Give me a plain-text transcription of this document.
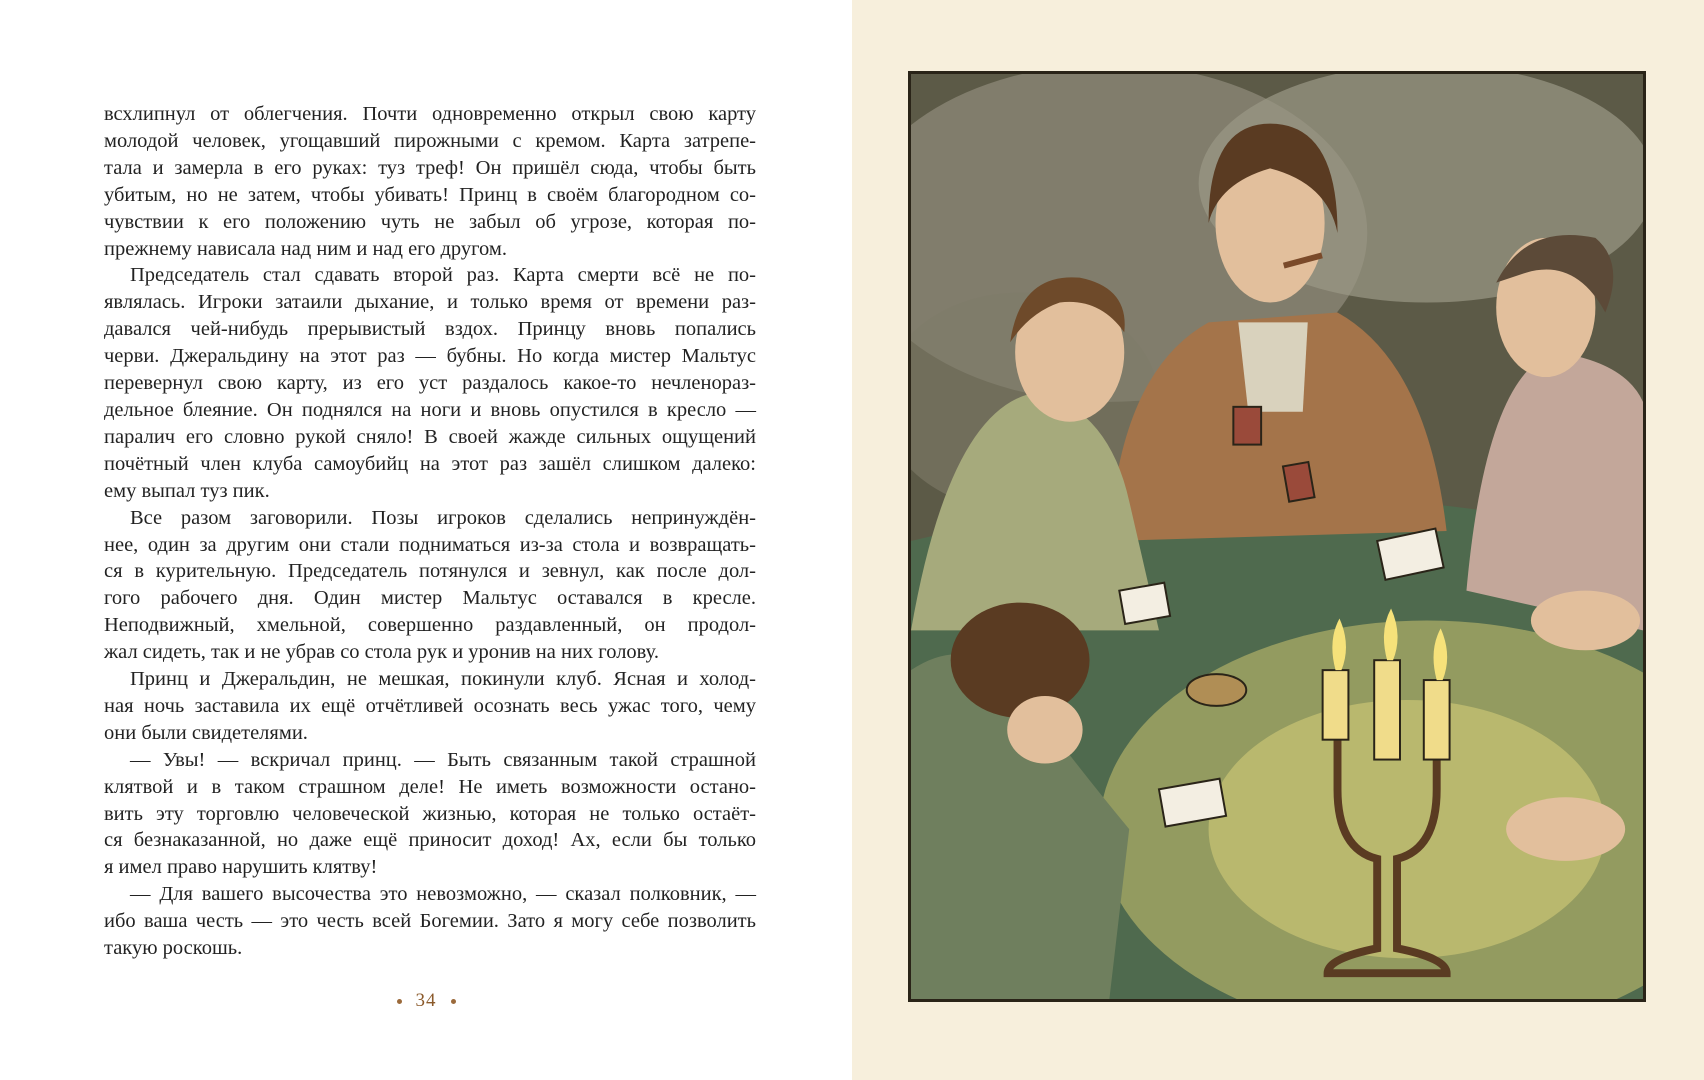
всхлипнул от облегчения. Почти одновременно открыл свою карту
молодой человек, угощавший пирожными с кремом. Карта затрепе-
тала и замерла в его руках: туз треф! Он пришёл сюда, чтобы быть
убитым, но не затем, чтобы убивать! Принц в своём благородном со-
чувствии к его положению чуть не забыл об угрозе, которая по-
прежнему нависала над ним и над его другом.
Председатель стал сдавать второй раз. Карта смерти всё не по-
являлась. Игроки затаили дыхание, и только время от времени раз-
давался чей-нибудь прерывистый вздох. Принцу вновь попались
черви. Джеральдину на этот раз — бубны. Но когда мистер Мальтус
перевернул свою карту, из его уст раздалось какое-то нечленораз-
дельное блеяние. Он поднялся на ноги и вновь опустился в кресло —
паралич его словно рукой сняло! В своей жажде сильных ощущений
почётный член клуба самоубийц на этот раз зашёл слишком далеко:
ему выпал туз пик.
Все разом заговорили. Позы игроков сделались непринуждён-
нее, один за другим они стали подниматься из-за стола и возвращать-
ся в курительную. Председатель потянулся и зевнул, как после дол-
гого рабочего дня. Один мистер Мальтус оставался в кресле.
Неподвижный, хмельной, совершенно раздавленный, он продол-
жал сидеть, так и не убрав со стола рук и уронив на них голову.
Принц и Джеральдин, не мешкая, покинули клуб. Ясная и холод-
ная ночь заставила их ещё отчётливей осознать весь ужас того, чему
они были свидетелями.
— Увы! — вскричал принц. — Быть связанным такой страшной
клятвой и в таком страшном деле! Не иметь возможности остано-
вить эту торговлю человеческой жизнью, которая не только остаёт-
ся безнаказанной, но даже ещё приносит доход! Ах, если бы только
я имел право нарушить клятву!
— Для вашего высочества это невозможно, — сказал полковник, —
ибо ваша честь — это честь всей Богемии. Зато я могу себе позволить
такую роскошь.
34
